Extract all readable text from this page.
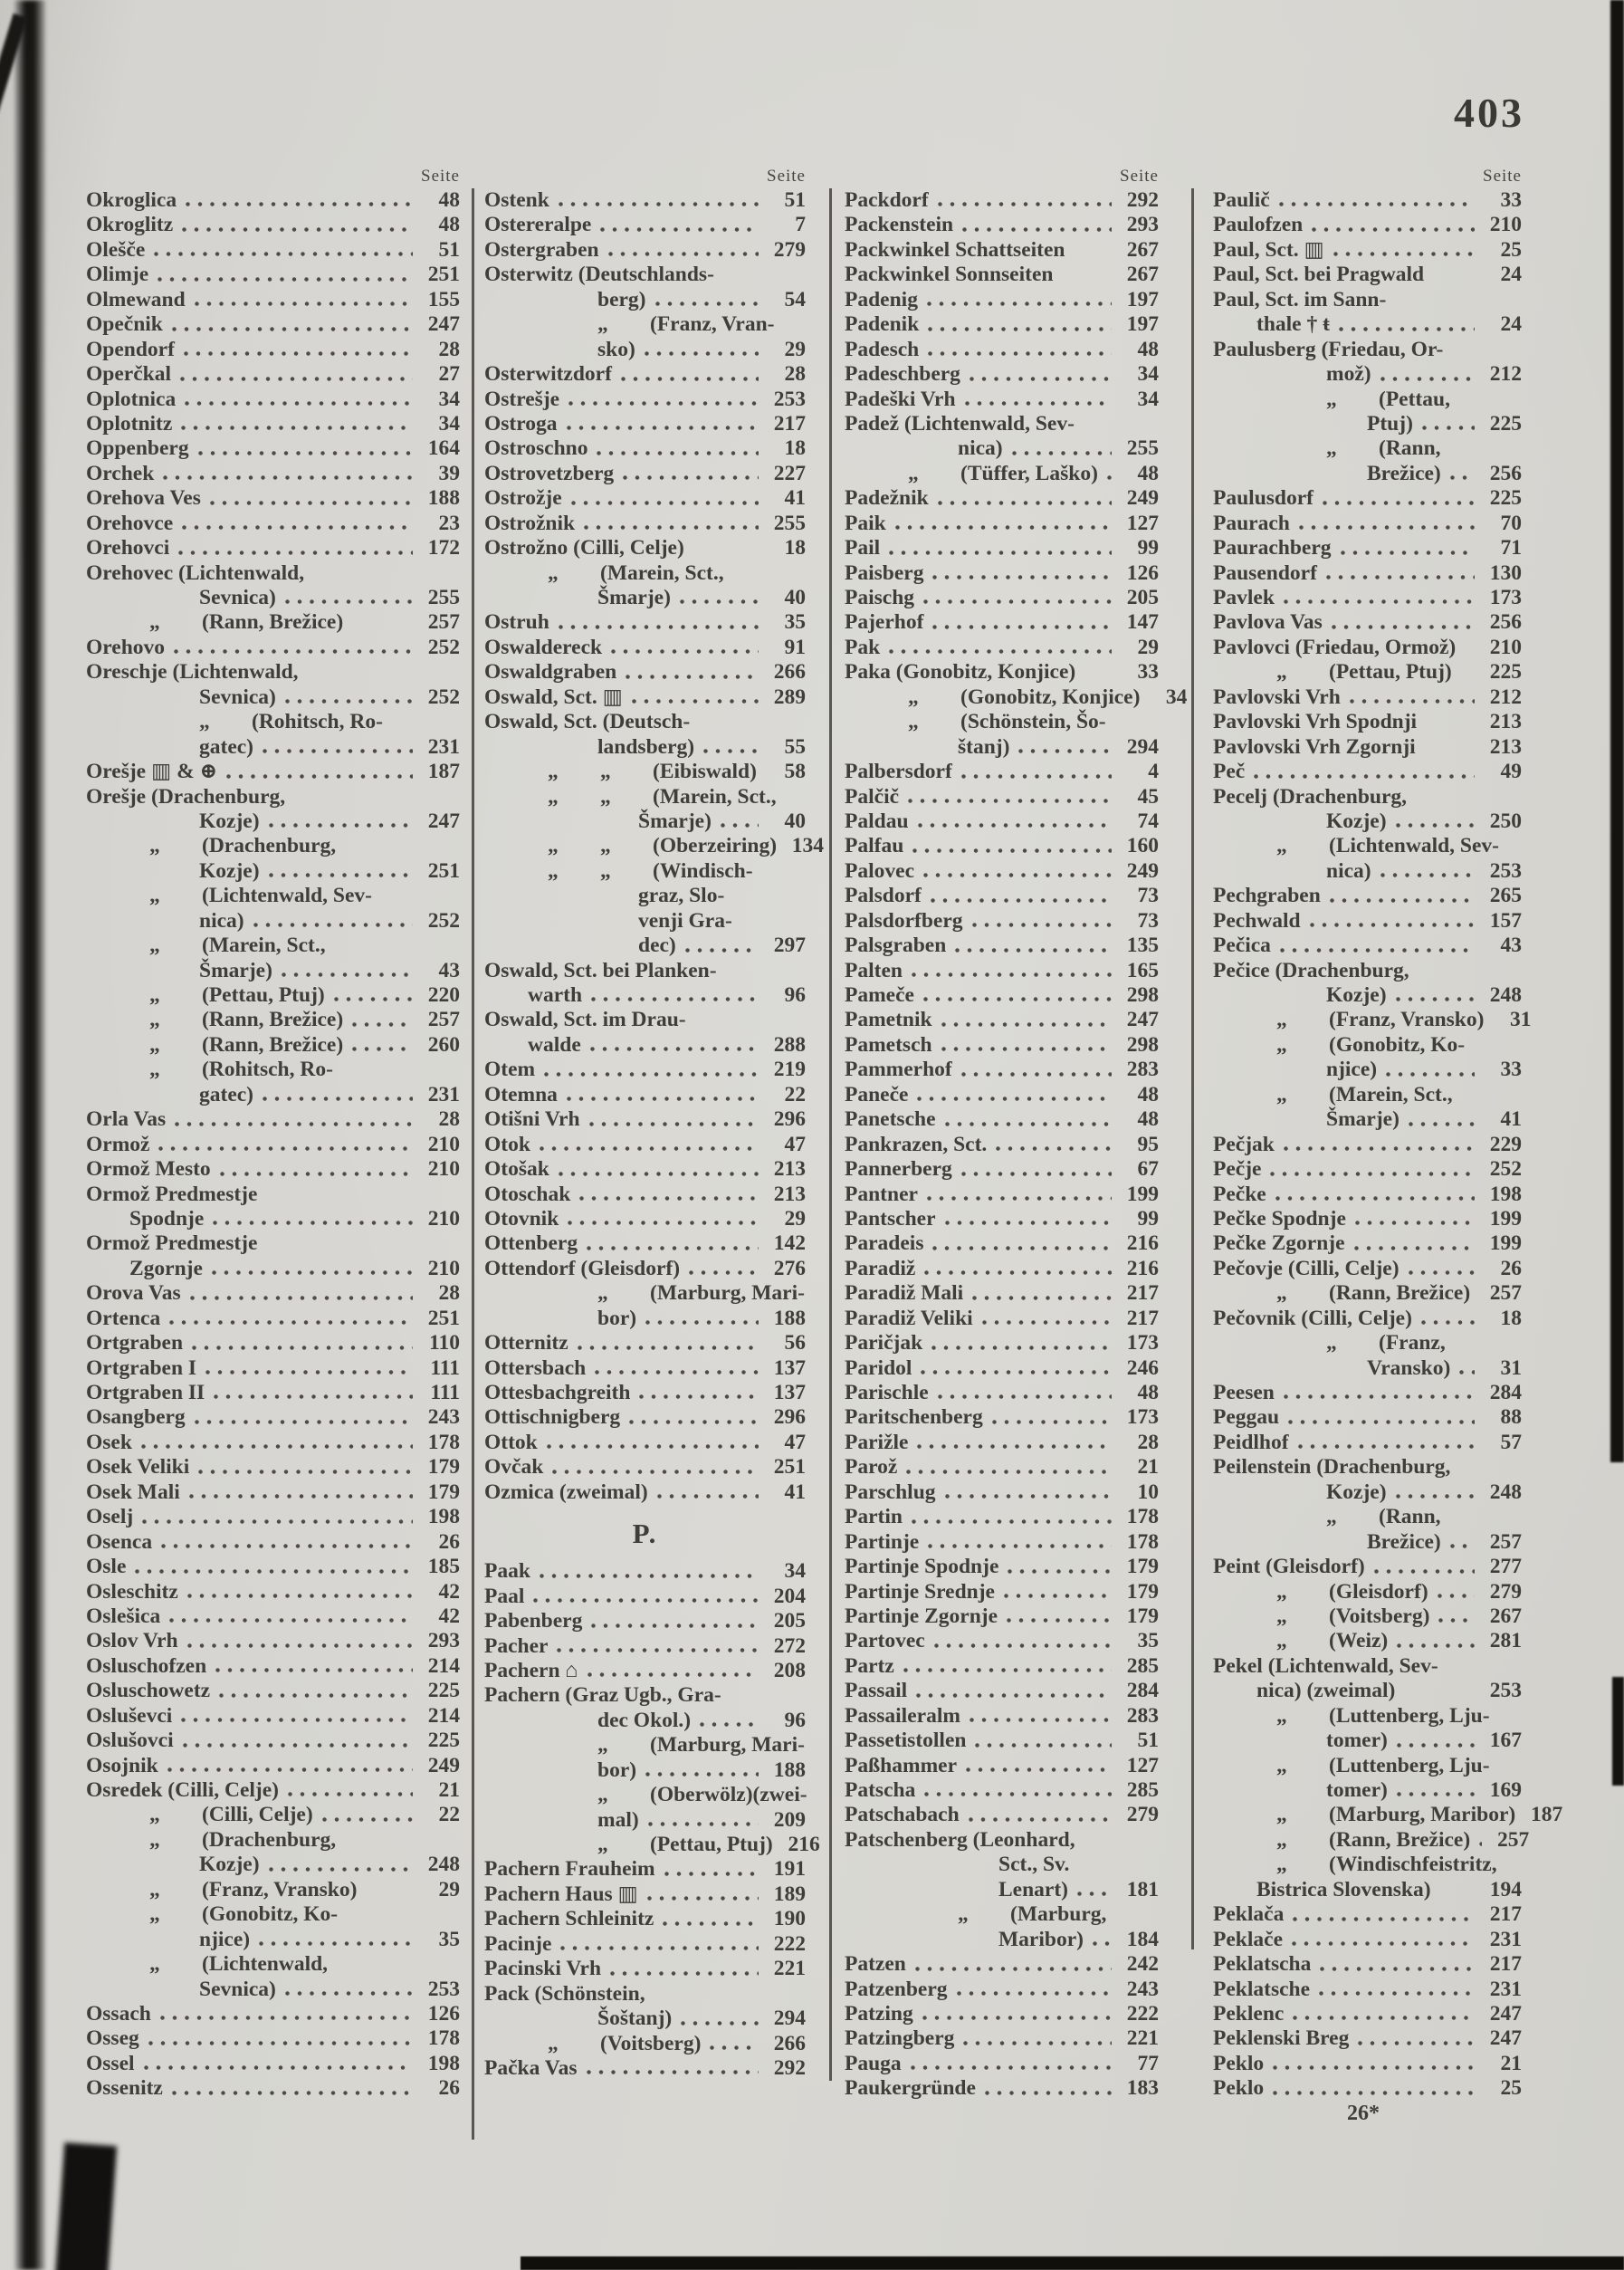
403
Seite
Okroglica	48
Okroglitz	48
Olešče	51
Olimje	251
Olmewand	155
Opečnik	247
Opendorf	28
Operčkal	27
Oplotnica	34
Oplotnitz	34
Oppenberg	164
Orchek	39
Orehova Ves	188
Orehovce	23
Orehovci	172
Orehovec (Lichtenwald,
Sevnica)	255
„	(Rann, Brežice)	257
Orehovo	252
Oreschje (Lichtenwald,
Sevnica)	252
„	(Rohitsch, Ro-
gatec)	231
Orešje ▥ & ⊕	187
Orešje (Drachenburg,
Kozje)	247
„	(Drachenburg,
Kozje)	251
„	(Lichtenwald, Sev-
nica)	252
„	(Marein, Sct.,
Šmarje)	43
„	(Pettau, Ptuj)	220
„	(Rann, Brežice)	257
„	(Rann, Brežice)	260
„	(Rohitsch, Ro-
gatec)	231
Orla Vas	28
Ormož	210
Ormož Mesto	210
Ormož Predmestje
Spodnje	210
Ormož Predmestje
Zgornje	210
Orova Vas	28
Ortenca	251
Ortgraben	110
Ortgraben I	111
Ortgraben II	111
Osangberg	243
Osek	178
Osek Veliki	179
Osek Mali	179
Oselj	198
Osenca	26
Osle	185
Osleschitz	42
Oslešica	42
Oslov Vrh	293
Osluschofzen	214
Osluschowetz	225
Osluševci	214
Oslušovci	225
Osojnik	249
Osredek (Cilli, Celje)	21
„	(Cilli, Celje)	22
„	(Drachenburg,
Kozje)	248
„	(Franz, Vransko)	29
„	(Gonobitz, Ko-
njice)	35
„	(Lichtenwald,
Sevnica)	253
Ossach	126
Osseg	178
Ossel	198
Ossenitz	26
Seite
Ostenk	51
Ostereralpe	7
Ostergraben	279
Osterwitz (Deutschlands-
berg)	54
„	(Franz, Vran-
sko)	29
Osterwitzdorf	28
Ostrešje	253
Ostroga	217
Ostroschno	18
Ostrovetzberg	227
Ostrožje	41
Ostrožnik	255
Ostrožno (Cilli, Celje)	18
„	(Marein, Sct.,
Šmarje)	40
Ostruh	35
Oswaldereck	91
Oswaldgraben	266
Oswald, Sct. ▥	289
Oswald, Sct. (Deutsch-
landsberg)	55
„	„	(Eibiswald)	58
„	„	(Marein, Sct.,
Šmarje)	40
„	„	(Oberzeiring) 134
„	„	(Windisch-
graz, Slo-
venji Gra-
dec)	297
Oswald, Sct. bei Planken-
warth	96
Oswald, Sct. im Drau-
walde	288
Otem	219
Otemna	22
Otišni Vrh	296
Otok	47
Otošak	213
Otoschak	213
Otovnik	29
Ottenberg	142
Ottendorf (Gleisdorf)	276
„	(Marburg, Mari-
bor)	188
Otternitz	56
Ottersbach	137
Ottesbachgreith	137
Ottischnigberg	296
Ottok	47
Ovčak	251
Ozmica (zweimal)	41
P.
Paak	34
Paal	204
Pabenberg	205
Pacher	272
Pachern ⌂	208
Pachern (Graz Ugb., Gra-
dec Okol.)	96
„	(Marburg, Mari-
bor)	188
„	(Oberwölz)(zwei-
mal)	209
„	(Pettau, Ptuj) 216
Pachern Frauheim	191
Pachern Haus ▥	189
Pachern Schleinitz	190
Pacinje	222
Pacinski Vrh	221
Pack (Schönstein,
Šoštanj)	294
„	(Voitsberg)	266
Pačka Vas	292
Seite
Packdorf	292
Packenstein	293
Packwinkel Schattseiten	267
Packwinkel Sonnseiten	267
Padenig	197
Padenik	197
Padesch	48
Padeschberg	34
Padeški Vrh	34
Padež (Lichtenwald, Sev-
nica)	255
„	(Tüffer, Laško)	48
Padežnik	249
Paik	127
Pail	99
Paisberg	126
Paischg	205
Pajerhof	147
Pak	29
Paka (Gonobitz, Konjice)	33
„	(Gonobitz, Konjice)	34
„	(Schönstein, Šo-
štanj)	294
Palbersdorf	4
Palčič	45
Paldau	74
Palfau	160
Palovec	249
Palsdorf	73
Palsdorfberg	73
Palsgraben	135
Palten	165
Pameče	298
Pametnik	247
Pametsch	298
Pammerhof	283
Paneče	48
Panetsche	48
Pankrazen, Sct.	95
Pannerberg	67
Pantner	199
Pantscher	99
Paradeis	216
Paradiž	216
Paradiž Mali	217
Paradiž Veliki	217
Paričjak	173
Paridol	246
Parischle	48
Paritschenberg	173
Parižle	28
Parož	21
Parschlug	10
Partin	178
Partinje	178
Partinje Spodnje	179
Partinje Srednje	179
Partinje Zgornje	179
Partovec	35
Partz	285
Passail	284
Passaileralm	283
Passetistollen	51
Paßhammer	127
Patscha	285
Patschabach	279
Patschenberg (Leonhard,
Sct., Sv.
Lenart)	181
„	(Marburg,
Maribor)	184
Patzen	242
Patzenberg	243
Patzing	222
Patzingberg	221
Pauga	77
Paukergründe	183
Seite
Paulič	33
Paulofzen	210
Paul, Sct. ▥	25
Paul, Sct. bei Pragwald	24
Paul, Sct. im Sann-
thale † ŧ	24
Paulusberg (Friedau, Or-
mož)	212
„	(Pettau,
Ptuj)	225
„	(Rann,
Brežice)	256
Paulusdorf	225
Paurach	70
Paurachberg	71
Pausendorf	130
Pavlek	173
Pavlova Vas	256
Pavlovci (Friedau, Ormož)	210
„	(Pettau, Ptuj)	225
Pavlovski Vrh	212
Pavlovski Vrh Spodnji	213
Pavlovski Vrh Zgornji	213
Peč	49
Pecelj (Drachenburg,
Kozje)	250
„	(Lichtenwald, Sev-
nica)	253
Pechgraben	265
Pechwald	157
Pečica	43
Pečice (Drachenburg,
Kozje)	248
„	(Franz, Vransko)	31
„	(Gonobitz, Ko-
njice)	33
„	(Marein, Sct.,
Šmarje)	41
Pečjak	229
Pečje	252
Pečke	198
Pečke Spodnje	199
Pečke Zgornje	199
Pečovje (Cilli, Celje)	26
„	(Rann, Brežice) 257
Pečovnik (Cilli, Celje)	18
„	(Franz,
Vransko)	31
Peesen	284
Peggau	88
Peidlhof	57
Peilenstein (Drachenburg,
Kozje)	248
„	(Rann,
Brežice)	257
Peint (Gleisdorf)	277
„	(Gleisdorf)	279
„	(Voitsberg)	267
„	(Weiz)	281
Pekel (Lichtenwald, Sev-
nica) (zweimal)	253
„	(Luttenberg, Lju-
tomer)	167
„	(Luttenberg, Lju-
tomer)	169
„	(Marburg, Maribor) 187
„	(Rann, Brežice)	257
„	(Windischfeistritz,
Bistrica Slovenska)	194
Peklača	217
Peklače	231
Peklatscha	217
Peklatsche	231
Peklenc	247
Peklenski Breg	247
Peklo	21
Peklo	25
26*
